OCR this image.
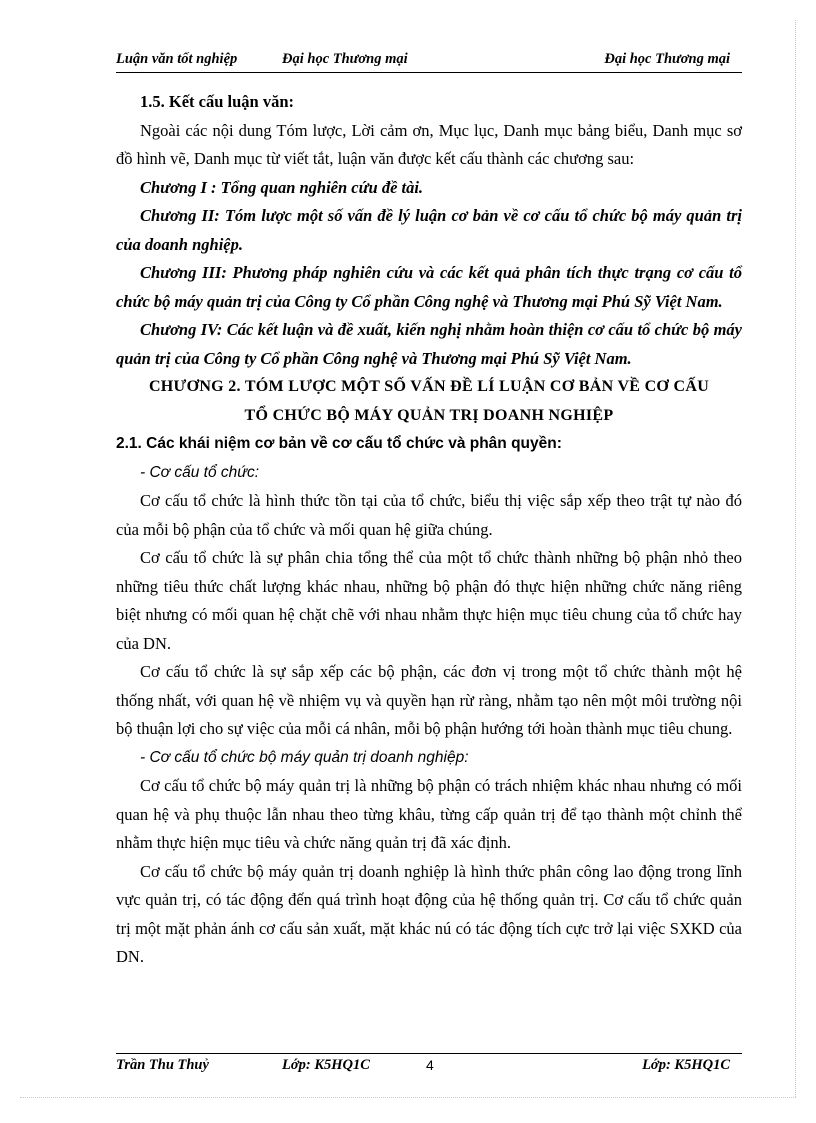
Luận văn tốt nghiệp	Đại học Thương mại	Đại học Thương mại

1.5. Kết cấu luận văn:

Ngoài các nội dung Tóm lược, Lời cảm ơn, Mục lục, Danh mục bảng biểu, Danh mục sơ đồ hình vẽ, Danh mục từ viết tắt, luận văn được kết cấu thành các chương sau:

Chương I : Tổng quan nghiên cứu đề tài.

Chương II: Tóm lược một số vấn đề lý luận cơ bản về cơ cấu tổ chức bộ máy quản trị của doanh nghiệp.

Chương III: Phương pháp nghiên cứu và các kết quả phân tích thực trạng cơ cấu tổ chức bộ máy quản trị của Công ty Cổ phần Công nghệ và Thương mại Phú Sỹ Việt Nam.

Chương IV: Các kết luận và đề xuất, kiến nghị nhằm hoàn thiện cơ cấu tổ chức bộ máy quản trị của Công ty Cổ phần Công nghệ và Thương mại Phú Sỹ Việt Nam.

CHƯƠNG 2. TÓM LƯỢC MỘT SỐ VẤN ĐỀ LÍ LUẬN CƠ BẢN VỀ CƠ CẤU

TỔ CHỨC BỘ MÁY QUẢN TRỊ DOANH NGHIỆP

2.1. Các khái niệm cơ bản về cơ cấu tổ chức và phân quyền:

- Cơ cấu tổ chức:

Cơ cấu tổ chức là hình thức tồn tại của tổ chức, biểu thị việc sắp xếp theo trật tự nào đó của mỗi bộ phận của tổ chức và mối quan hệ giữa chúng.

Cơ cấu tổ chức là sự phân chia tổng thể của một tổ chức thành những bộ phận nhỏ theo những tiêu thức chất lượng khác nhau, những bộ phận đó thực hiện những chức năng riêng biệt nhưng có mối quan hệ chặt chẽ với nhau nhằm thực hiện mục tiêu chung của tổ chức hay của DN.

Cơ cấu tổ chức là sự sắp xếp các bộ phận, các đơn vị trong một tổ chức thành một hệ thống nhất, với quan hệ về nhiệm vụ và quyền hạn rừ ràng, nhằm tạo nên một môi trường nội bộ thuận lợi cho sự việc của mỗi cá nhân, mỗi bộ phận hướng tới hoàn thành mục tiêu chung.

- Cơ cấu tổ chức bộ máy quản trị doanh nghiệp:

Cơ cấu tổ chức bộ máy quản trị là những bộ phận có trách nhiệm khác nhau nhưng có mối quan hệ và phụ thuộc lẫn nhau theo từng khâu, từng cấp quản trị để tạo thành một chỉnh thể nhằm thực hiện mục tiêu và chức năng quản trị đã xác định.

Cơ cấu tổ chức bộ máy quản trị doanh nghiệp là hình thức phân công lao động trong lĩnh vực quản trị, có tác động đến quá trình hoạt động của hệ thống quản trị. Cơ cấu tổ chức quản trị một mặt phản ánh cơ cấu sản xuất, mặt khác nú có tác động tích cực trở lại việc SXKD của DN.

Trần Thu Thuỷ	Lớp: K5HQ1C	4	Lớp: K5HQ1C
